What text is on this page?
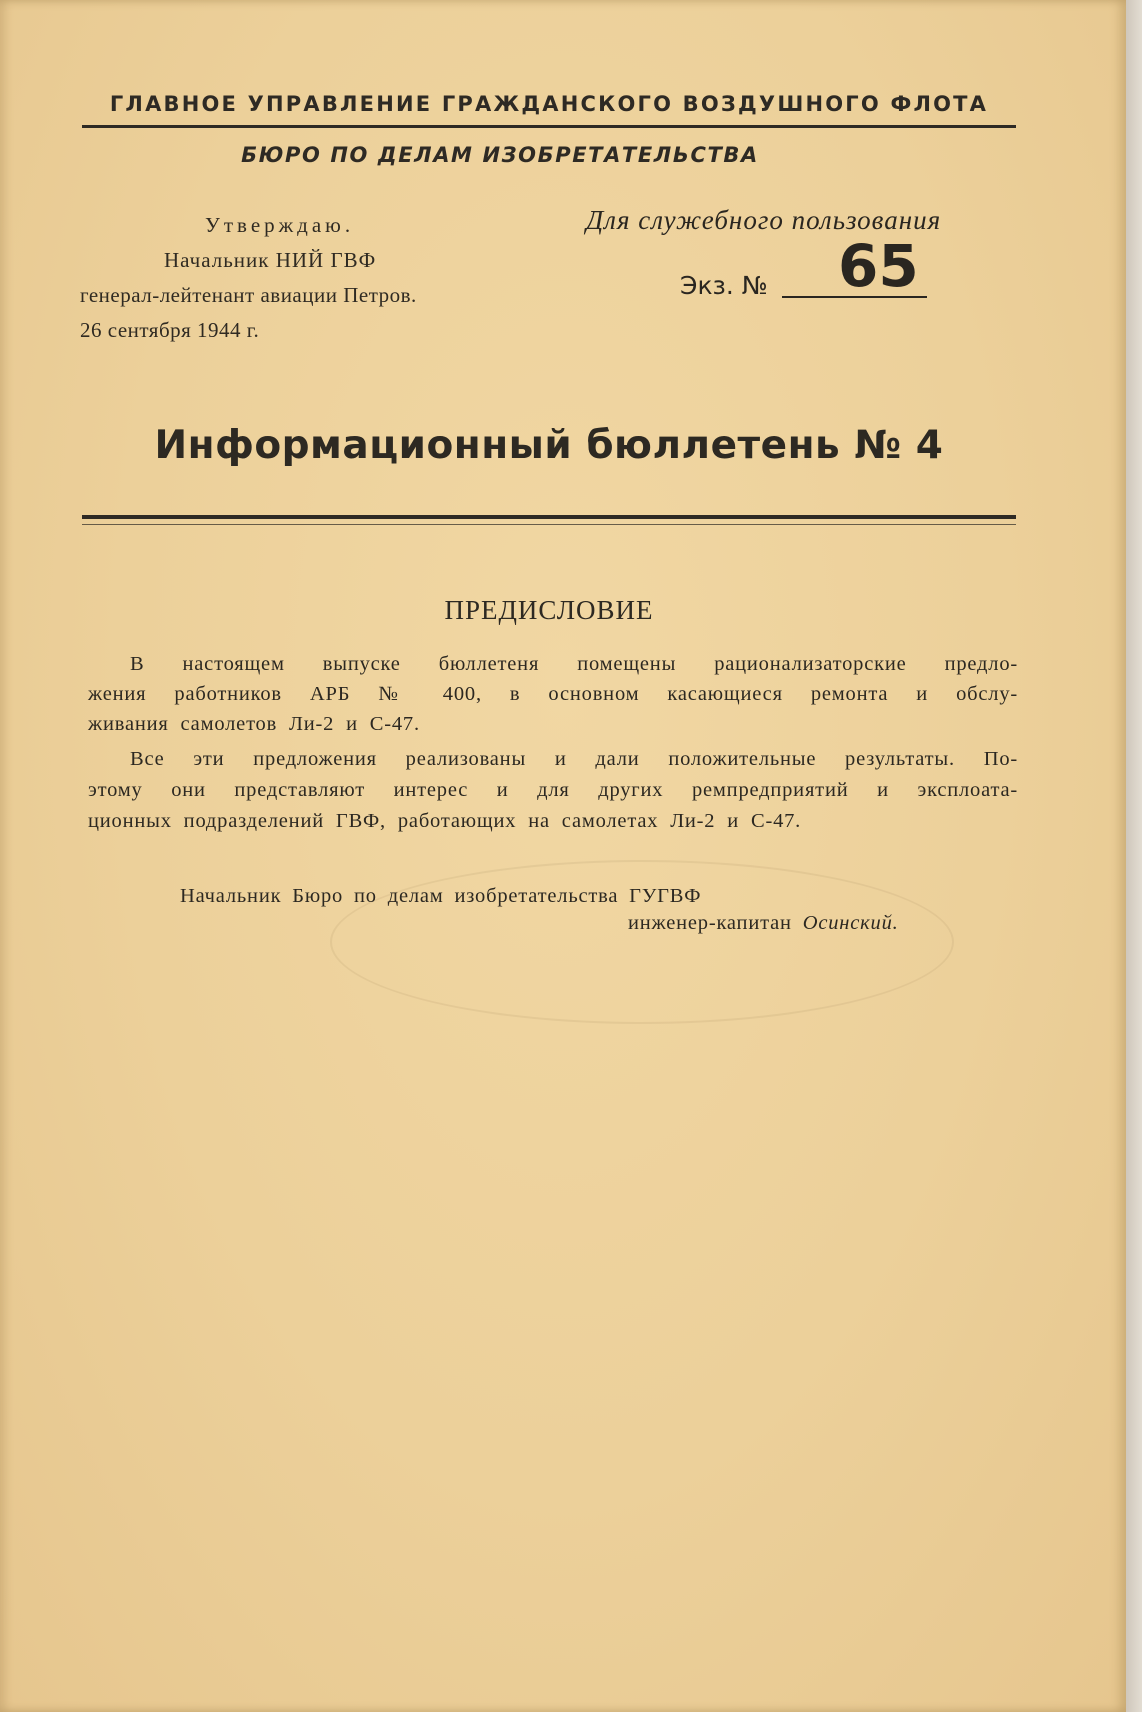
ГЛАВНОЕ УПРАВЛЕНИЕ ГРАЖДАНСКОГО ВОЗДУШНОГО ФЛОТА
БЮРО ПО ДЕЛАМ ИЗОБРЕТАТЕЛЬСТВА
Утверждаю.
Начальник НИЙ ГВФ
генерал-лейтенант авиации Петров.
26 сентября 1944 г.
Для служебного пользования
Экз. № 65
Информационный бюллетень № 4
ПРЕДИСЛОВИЕ
В настоящем выпуске бюллетеня помещены рационализаторские предло-
жения работников АРБ № 400, в основном касающиеся ремонта и обслу-
живания самолетов Ли-2 и С-47.
Все эти предложения реализованы и дали положительные результаты. По-
этому они представляют интерес и для других ремпредприятий и эксплоата-
ционных подразделений ГВФ, работающих на самолетах Ли-2 и С-47.
Начальник Бюро по делам изобретательства ГУГВФ
инженер-капитан Осинский.
